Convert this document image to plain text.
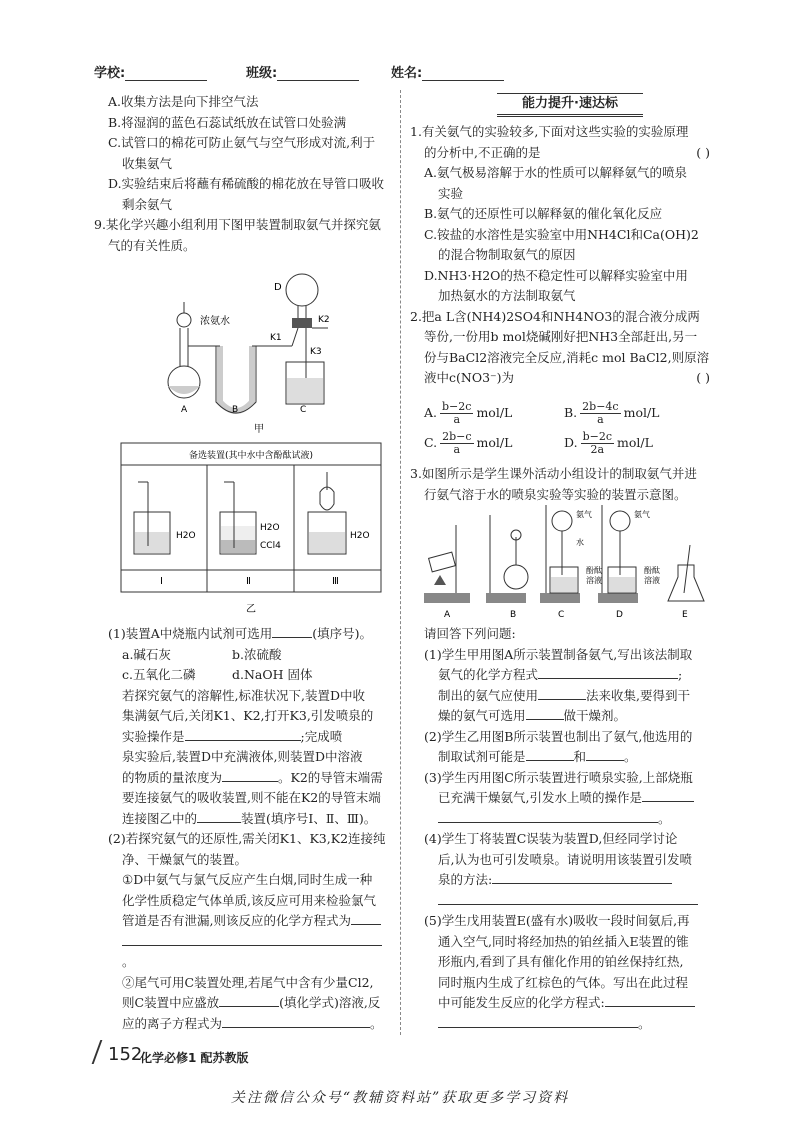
学校:	班级:	姓名:

A.收集方法是向下排空气法

B.将湿润的蓝色石蕊试纸放在试管口处验满

C.试管口的棉花可防止氨气与空气形成对流,利于

收集氨气

D.实验结束后将蘸有稀硫酸的棉花放在导管口吸收

剩余氨气

9.某化学兴趣小组利用下图甲装置制取氨气并探究氨

气的有关性质。

浓氨水
K1
K2
K3
D
A	B	C
甲
备选装置(其中水中含酚酞试液)
H2O
Ⅰ
H2O
CCl4
Ⅱ
H2O
Ⅲ
乙

(1)装置A中烧瓶内试剂可选用	(填序号)。

a.碱石灰	b.浓硫酸

c.五氧化二磷	d.NaOH 固体

若探究氨气的溶解性,标准状况下,装置D中收

集满氨气后,关闭K1、K2,打开K3,引发喷泉的

实验操作是	;完成喷

泉实验后,装置D中充满液体,则装置D中溶液

的物质的量浓度为	。K2的导管末端需

要连接氨气的吸收装置,则不能在K2的导管末端

连接图乙中的	装置(填序号Ⅰ、Ⅱ、Ⅲ)。

(2)若探究氨气的还原性,需关闭K1、K3,K2连接纯

净、干燥氯气的装置。

①D中氨气与氯气反应产生白烟,同时生成一种

化学性质稳定气体单质,该反应可用来检验氯气

管道是否有泄漏,则该反应的化学方程式为

。

②尾气可用C装置处理,若尾气中含有少量Cl2,

则C装置中应盛放	(填化学式)溶液,反

应的离子方程式为	。

能力提升·速达标

1.有关氨气的实验较多,下面对这些实验的实验原理

的分析中,不正确的是	( )

A.氨气极易溶解于水的性质可以解释氨气的喷泉

实验

B.氨气的还原性可以解释氨的催化氧化反应

C.铵盐的水溶性是实验室中用NH4Cl和Ca(OH)2

的混合物制取氨气的原因

D.NH3·H2O的热不稳定性可以解释实验室中用

加热氨水的方法制取氨气

2.把a L含(NH4)2SO4和NH4NO3的混合液分成两

等份,一份用b mol烧碱刚好把NH3全部赶出,另一

份与BaCl2溶液完全反应,消耗c mol BaCl2,则原溶

液中c(NO3⁻)为	( )

A. $\frac{b-2c}{a} mol/L$	B. $\frac{2b-4c}{a} mol/L$
C. $\frac{2b-c}{a} mol/L$	D. $\frac{b-2c}{2a} mol/L$

3.如图所示是学生课外活动小组设计的制取氨气并进

行氨气溶于水的喷泉实验等实验的装置示意图。

A	B
氨气
水
C
氨气
酚酞
溶液
酚酞
溶液
D	E

请回答下列问题:

(1)学生甲用图A所示装置制备氨气,写出该法制取

氨气的化学方程式	;

制出的氨气应使用	法来收集,要得到干

燥的氨气可选用	做干燥剂。

(2)学生乙用图B所示装置也制出了氨气,他选用的

制取试剂可能是	和	。

(3)学生丙用图C所示装置进行喷泉实验,上部烧瓶

已充满干燥氨气,引发水上喷的操作是

。

(4)学生丁将装置C误装为装置D,但经同学讨论

后,认为也可引发喷泉。请说明用该装置引发喷

泉的方法:

(5)学生戊用装置E(盛有水)吸收一段时间氨后,再

通入空气,同时将经加热的铂丝插入E装置的锥

形瓶内,看到了具有催化作用的铂丝保持红热,

同时瓶内生成了红棕色的气体。写出在此过程

中可能发生反应的化学方程式:

。

152
化学必修1 配苏教版
关注微信公众号“教辅资料站”获取更多学习资料
